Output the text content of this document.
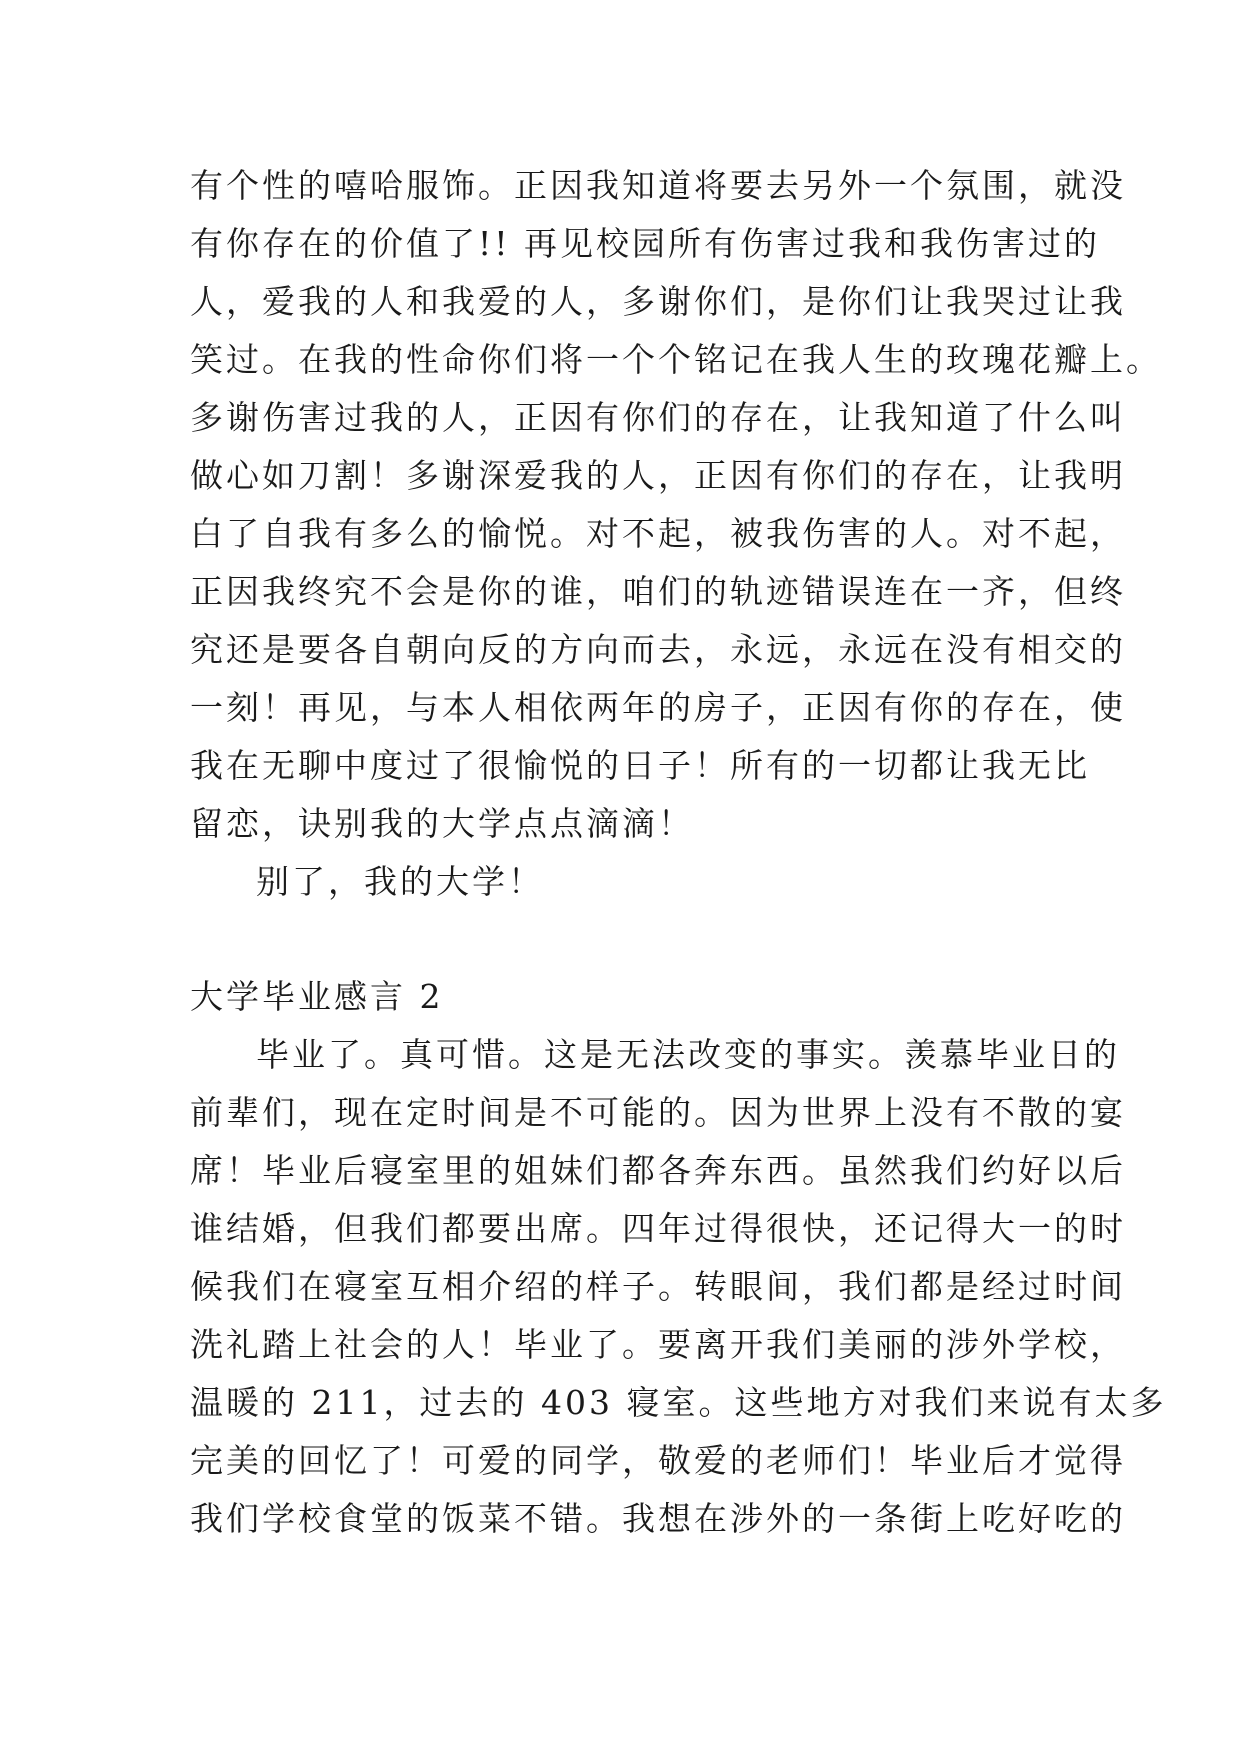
有个性的嘻哈服饰。正因我知道将要去另外一个氛围，就没
有你存在的价值了!! 再见校园所有伤害过我和我伤害过的
人，爱我的人和我爱的人，多谢你们，是你们让我哭过让我
笑过。在我的性命你们将一个个铭记在我人生的玫瑰花瓣上。
多谢伤害过我的人，正因有你们的存在，让我知道了什么叫
做心如刀割！多谢深爱我的人，正因有你们的存在，让我明
白了自我有多么的愉悦。对不起，被我伤害的人。对不起，
正因我终究不会是你的谁，咱们的轨迹错误连在一齐，但终
究还是要各自朝向反的方向而去，永远，永远在没有相交的
一刻！再见，与本人相依两年的房子，正因有你的存在，使
我在无聊中度过了很愉悦的日子！所有的一切都让我无比
留恋，诀别我的大学点点滴滴！
别了，我的大学！
大学毕业感言 2
毕业了。真可惜。这是无法改变的事实。羡慕毕业日的
前辈们，现在定时间是不可能的。因为世界上没有不散的宴
席！毕业后寝室里的姐妹们都各奔东西。虽然我们约好以后
谁结婚，但我们都要出席。四年过得很快，还记得大一的时
候我们在寝室互相介绍的样子。转眼间，我们都是经过时间
洗礼踏上社会的人！毕业了。要离开我们美丽的涉外学校，
温暖的 211，过去的 403 寝室。这些地方对我们来说有太多
完美的回忆了！可爱的同学，敬爱的老师们！毕业后才觉得
我们学校食堂的饭菜不错。我想在涉外的一条街上吃好吃的
